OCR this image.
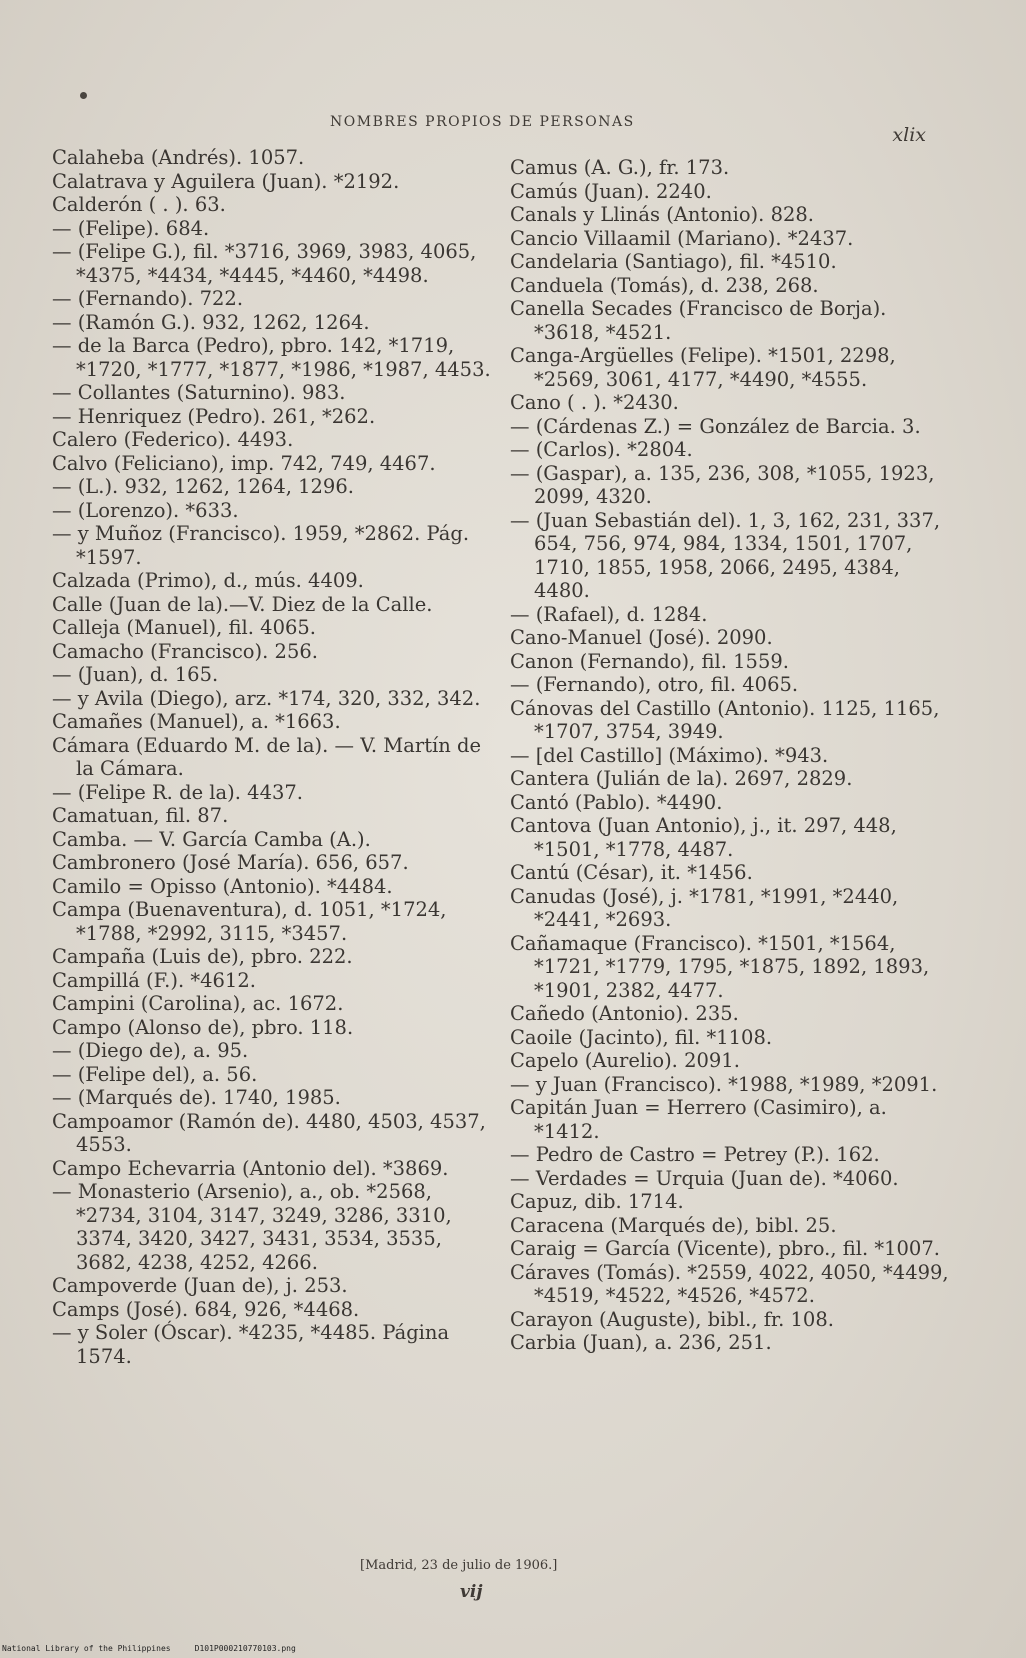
NOMBRES PROPIOS DE PERSONAS
xlix

Calaheba (Andrés). 1057.

Calatrava y Aguilera (Juan). *2192.

Calderón ( . ). 63.

— (Felipe). 684.

— (Felipe G.), fil. *3716, 3969, 3983, 4065, *4375, *4434, *4445, *4460, *4498.

— (Fernando). 722.

— (Ramón G.). 932, 1262, 1264.

— de la Barca (Pedro), pbro. 142, *1719, *1720, *1777, *1877, *1986, *1987, 4453.

— Collantes (Saturnino). 983.

— Henriquez (Pedro). 261, *262.

Calero (Federico). 4493.

Calvo (Feliciano), imp. 742, 749, 4467.

— (L.). 932, 1262, 1264, 1296.

— (Lorenzo). *633.

— y Muñoz (Francisco). 1959, *2862. Pág. *1597.

Calzada (Primo), d., mús. 4409.

Calle (Juan de la).—V. Diez de la Calle.

Calleja (Manuel), fil. 4065.

Camacho (Francisco). 256.

— (Juan), d. 165.

— y Avila (Diego), arz. *174, 320, 332, 342.

Camañes (Manuel), a. *1663.

Cámara (Eduardo M. de la). — V. Martín de la Cámara.

— (Felipe R. de la). 4437.

Camatuan, fil. 87.

Camba. — V. García Camba (A.).

Cambronero (José María). 656, 657.

Camilo = Opisso (Antonio). *4484.

Campa (Buenaventura), d. 1051, *1724, *1788, *2992, 3115, *3457.

Campaña (Luis de), pbro. 222.

Campillá (F.). *4612.

Campini (Carolina), ac. 1672.

Campo (Alonso de), pbro. 118.

— (Diego de), a. 95.

— (Felipe del), a. 56.

— (Marqués de). 1740, 1985.

Campoamor (Ramón de). 4480, 4503, 4537, 4553.

Campo Echevarria (Antonio del). *3869.

— Monasterio (Arsenio), a., ob. *2568, *2734, 3104, 3147, 3249, 3286, 3310, 3374, 3420, 3427, 3431, 3534, 3535, 3682, 4238, 4252, 4266.

Campoverde (Juan de), j. 253.

Camps (José). 684, 926, *4468.

— y Soler (Óscar). *4235, *4485. Página 1574.

Camus (A. G.), fr. 173.

Camús (Juan). 2240.

Canals y Llinás (Antonio). 828.

Cancio Villaamil (Mariano). *2437.

Candelaria (Santiago), fil. *4510.

Canduela (Tomás), d. 238, 268.

Canella Secades (Francisco de Borja). *3618, *4521.

Canga-Argüelles (Felipe). *1501, 2298, *2569, 3061, 4177, *4490, *4555.

Cano ( . ). *2430.

— (Cárdenas Z.) = González de Barcia. 3.

— (Carlos). *2804.

— (Gaspar), a. 135, 236, 308, *1055, 1923, 2099, 4320.

— (Juan Sebastián del). 1, 3, 162, 231, 337, 654, 756, 974, 984, 1334, 1501, 1707, 1710, 1855, 1958, 2066, 2495, 4384, 4480.

— (Rafael), d. 1284.

Cano-Manuel (José). 2090.

Canon (Fernando), fil. 1559.

— (Fernando), otro, fil. 4065.

Cánovas del Castillo (Antonio). 1125, 1165, *1707, 3754, 3949.

— [del Castillo] (Máximo). *943.

Cantera (Julián de la). 2697, 2829.

Cantó (Pablo). *4490.

Cantova (Juan Antonio), j., it. 297, 448, *1501, *1778, 4487.

Cantú (César), it. *1456.

Canudas (José), j. *1781, *1991, *2440, *2441, *2693.

Cañamaque (Francisco). *1501, *1564, *1721, *1779, 1795, *1875, 1892, 1893, *1901, 2382, 4477.

Cañedo (Antonio). 235.

Caoile (Jacinto), fil. *1108.

Capelo (Aurelio). 2091.

— y Juan (Francisco). *1988, *1989, *2091.

Capitán Juan = Herrero (Casimiro), a. *1412.

— Pedro de Castro = Petrey (P.). 162.

— Verdades = Urquia (Juan de). *4060.

Capuz, dib. 1714.

Caracena (Marqués de), bibl. 25.

Caraig = García (Vicente), pbro., fil. *1007.

Cáraves (Tomás). *2559, 4022, 4050, *4499, *4519, *4522, *4526, *4572.

Carayon (Auguste), bibl., fr. 108.

Carbia (Juan), a. 236, 251.

[Madrid, 23 de julio de 1906.]
vij
National Library of the Philippines     D101P000210770103.png
